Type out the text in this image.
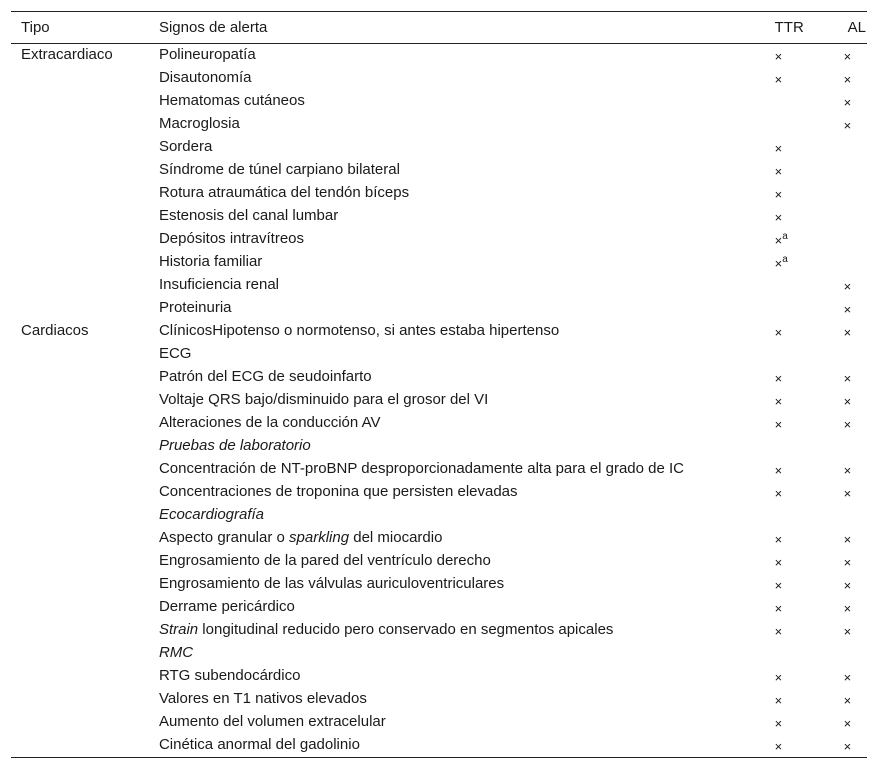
Tipo	Signos de alerta	TTR	AL
Extracardiaco	Polineuropatía	×	×
	Disautonomía	×	×
	Hematomas cutáneos		×
	Macroglosia		×
	Sordera	×	
	Síndrome de túnel carpiano bilateral	×	
	Rotura atraumática del tendón bíceps	×	
	Estenosis del canal lumbar	×	
	Depósitos intravítreos	×$^a$	
	Historia familiar	×$^a$	
	Insuficiencia renal		×
	Proteinuria		×
Cardiacos	ClínicosHipotenso o normotenso, si antes estaba hipertenso	×	×
	ECG		
	Patrón del ECG de seudoinfarto	×	×
	Voltaje QRS bajo/disminuido para el grosor del VI	×	×
	Alteraciones de la conducción AV	×	×
	Pruebas de laboratorio		
	Concentración de NT-proBNP desproporcionadamente alta para el grado de IC	×	×
	Concentraciones de troponina que persisten elevadas	×	×
	Ecocardiografía		
	Aspecto granular o sparkling del miocardio	×	×
	Engrosamiento de la pared del ventrículo derecho	×	×
	Engrosamiento de las válvulas auriculoventriculares	×	×
	Derrame pericárdico	×	×
	Strain longitudinal reducido pero conservado en segmentos apicales	×	×
	RMC		
	RTG subendocárdico	×	×
	Valores en T1 nativos elevados	×	×
	Aumento del volumen extracelular	×	×
	Cinética anormal del gadolinio	×	×
